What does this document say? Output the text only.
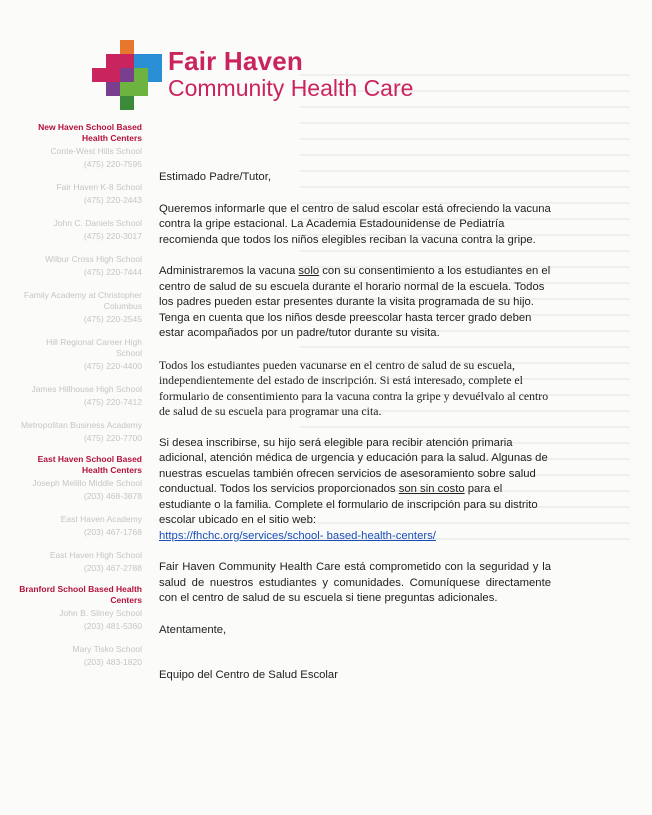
Fair Haven
Community Health Care
New Haven School Based Health Centers
Conte-West Hills School
(475) 220-7595
Fair Haven K-8 School
(475) 220-2443
John C. Daniels School
(475) 220-3017
Wilbur Cross High School
(475) 220-7444
Family Academy at Christopher Columbus
(475) 220-2545
Hill Regional Career High School
(475) 220-4400
James Hillhouse High School
(475) 220-7412
Metropolitan Business Academy
(475) 220-7700
East Haven School Based Health Centers
Joseph Melillo Middle School
(203) 468-3878
East Haven Academy
(203) 467-1768
East Haven High School
(203) 467-2788
Branford School Based Health Centers
John B. Sliney School
(203) 481-5360
Mary Tisko School
(203) 483-1820

Estimado Padre/Tutor,

Queremos informarle que el centro de salud escolar está ofreciendo la vacuna contra la gripe estacional. La Academia Estadounidense de Pediatría recomienda que todos los niños elegibles reciban la vacuna contra la gripe.

Administraremos la vacuna solo con su consentimiento a los estudiantes en el centro de salud de su escuela durante el horario normal de la escuela. Todos los padres pueden estar presentes durante la visita programada de su hijo. Tenga en cuenta que los niños desde preescolar hasta tercer grado deben estar acompañados por un padre/tutor durante su visita.

Todos los estudiantes pueden vacunarse en el centro de salud de su escuela, independientemente del estado de inscripción. Si está interesado, complete el formulario de consentimiento para la vacuna contra la gripe y devuélvalo al centro de salud de su escuela para programar una cita.

Si desea inscribirse, su hijo será elegible para recibir atención primaria adicional, atención médica de urgencia y educación para la salud. Algunas de nuestras escuelas también ofrecen servicios de asesoramiento sobre salud conductual. Todos los servicios proporcionados son sin costo para el estudiante o la familia. Complete el formulario de inscripción para su distrito escolar ubicado en el sitio web:
https://fhchc.org/services/school- based-health-centers/

Fair Haven Community Health Care está comprometido con la seguridad y la salud de nuestros estudiantes y comunidades. Comuníquese directamente con el centro de salud de su escuela si tiene preguntas adicionales.

Atentamente,

Equipo del Centro de Salud Escolar
